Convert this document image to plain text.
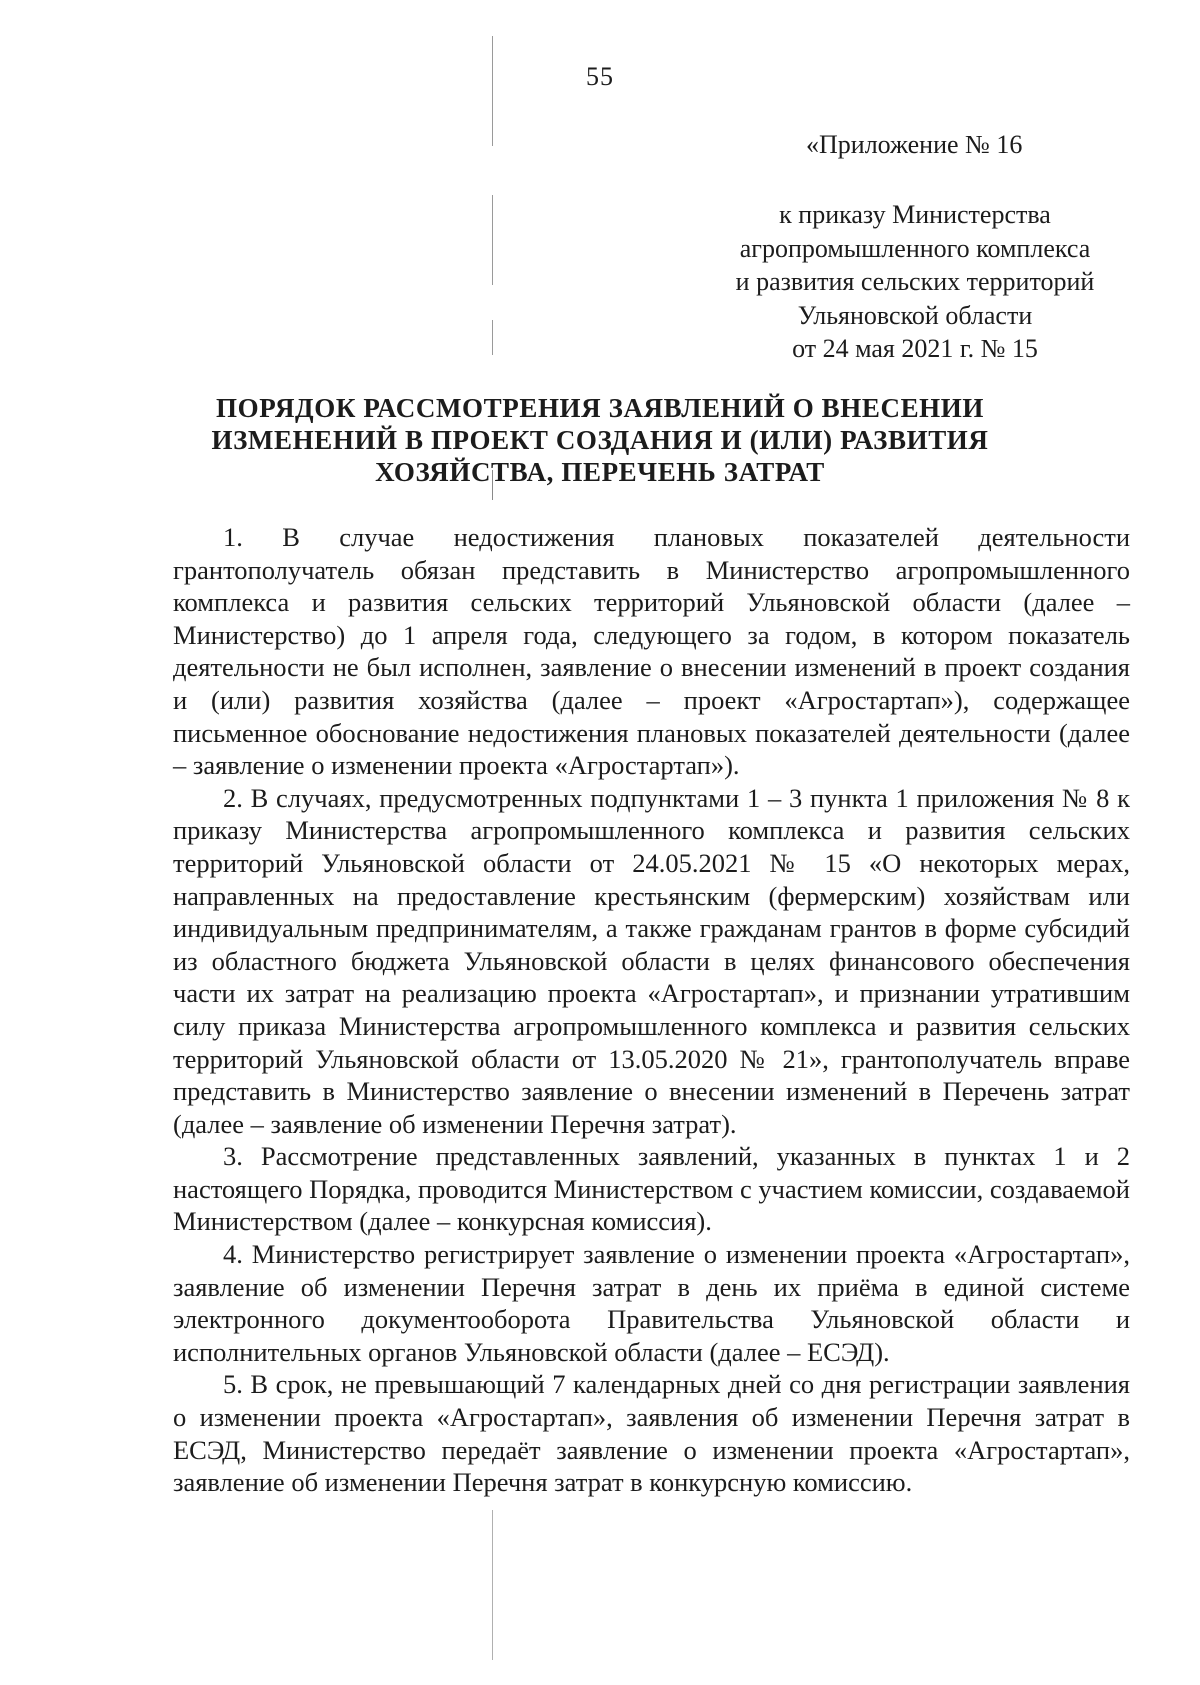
55
«Приложение № 16
к приказу Министерства
агропромышленного комплекса
и развития сельских территорий
Ульяновской области
от 24 мая 2021 г. № 15
ПОРЯДОК РАССМОТРЕНИЯ ЗАЯВЛЕНИЙ О ВНЕСЕНИИ
ИЗМЕНЕНИЙ В ПРОЕКТ СОЗДАНИЯ И (ИЛИ) РАЗВИТИЯ
ХОЗЯЙСТВА, ПЕРЕЧЕНЬ ЗАТРАТ

1. В случае недостижения плановых показателей деятельности грантополучатель обязан представить в Министерство агропромышленного комплекса и развития сельских территорий Ульяновской области (далее – Министерство) до 1 апреля года, следующего за годом, в котором показатель деятельности не был исполнен, заявление о внесении изменений в проект создания и (или) развития хозяйства (далее – проект «Агростартап»), содержащее письменное обоснование недостижения плановых показателей деятельности (далее – заявление о изменении проекта «Агростартап»).

2. В случаях, предусмотренных подпунктами 1 – 3 пункта 1 приложения № 8 к приказу Министерства агропромышленного комплекса и развития сельских территорий Ульяновской области от 24.05.2021 № 15 «О некоторых мерах, направленных на предоставление крестьянским (фермерским) хозяйствам или индивидуальным предпринимателям, а также гражданам грантов в форме субсидий из областного бюджета Ульяновской области в целях финансового обеспечения части их затрат на реализацию проекта «Агростартап», и признании утратившим силу приказа Министерства агропромышленного комплекса и развития сельских территорий Ульяновской области от 13.05.2020 № 21», грантополучатель вправе представить в Министерство заявление о внесении изменений в Перечень затрат (далее – заявление об изменении Перечня затрат).

3. Рассмотрение представленных заявлений, указанных в пунктах 1 и 2 настоящего Порядка, проводится Министерством с участием комиссии, создаваемой Министерством (далее – конкурсная комиссия).

4. Министерство регистрирует заявление о изменении проекта «Агростартап», заявление об изменении Перечня затрат в день их приёма в единой системе электронного документооборота Правительства Ульяновской области и исполнительных органов Ульяновской области (далее – ЕСЭД).

5. В срок, не превышающий 7 календарных дней со дня регистрации заявления о изменении проекта «Агростартап», заявления об изменении Перечня затрат в ЕСЭД, Министерство передаёт заявление о изменении проекта «Агростартап», заявление об изменении Перечня затрат в конкурсную комиссию.
